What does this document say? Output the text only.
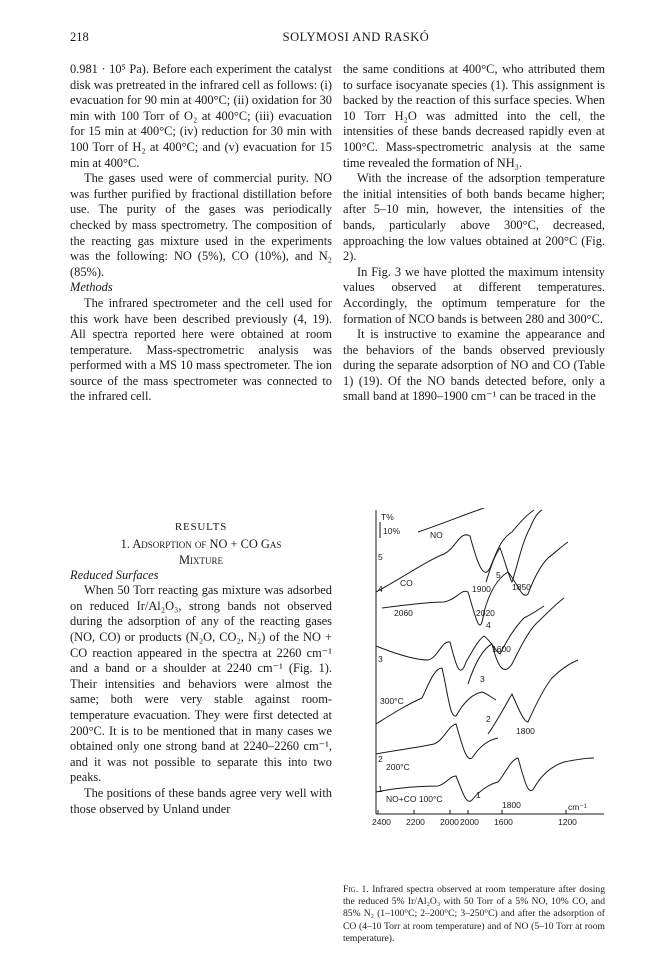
218	SOLYMOSI AND RASKÓ

0.981 · 10⁵ Pa). Before each experiment the catalyst disk was pretreated in the infrared cell as follows: (i) evacuation for 90 min at 400°C; (ii) oxidation for 30 min with 100 Torr of O₂ at 400°C; (iii) evacuation for 15 min at 400°C; (iv) reduction for 30 min with 100 Torr of H₂ at 400°C; and (v) evacuation for 15 min at 400°C.

The gases used were of commercial purity. NO was further purified by fractional distillation before use. The purity of the gases was periodically checked by mass spectrometry. The composition of the reacting gas mixture used in the experiments was the following: NO (5%), CO (10%), and N₂ (85%).

Methods

The infrared spectrometer and the cell used for this work have been described previously (4, 19). All spectra reported here were obtained at room temperature. Mass-spectrometric analysis was performed with a MS 10 mass spectrometer. The ion source of the mass spectrometer was connected to the infrared cell.

RESULTS

1. Adsorption of NO + CO Gas
Mixture

Reduced Surfaces

When 50 Torr reacting gas mixture was adsorbed on reduced Ir/Al₂O₃, strong bands not observed during the adsorption of any of the reacting gases (NO, CO) or products (N₂O, CO₂, N₂) of the NO + CO reaction appeared in the spectra at 2260 cm⁻¹ and a band or a shoulder at 2240 cm⁻¹ (Fig. 1). Their intensities and behaviors were almost the same; both were very stable against room-temperature evacuation. They were first detected at 200°C. It is to be mentioned that in many cases we obtained only one strong band at 2240–2260 cm⁻¹, and it was not possible to separate this into two peaks.

The positions of these bands agree very well with those observed by Unland under

the same conditions at 400°C, who attributed them to surface isocyanate species (1). This assignment is backed by the reaction of this surface species. When 10 Torr H₂O was admitted into the cell, the intensities of these bands decreased rapidly even at 100°C. Mass-spectrometric analysis at the same time revealed the formation of NH₃.

With the increase of the adsorption temperature the initial intensities of both bands became higher; after 5–10 min, however, the intensities of the bands, particularly above 300°C, decreased, approaching the low values obtained at 200°C (Fig. 2).

In Fig. 3 we have plotted the maximum intensity values observed at different temperatures. Accordingly, the optimum temperature for the formation of NCO bands is between 280 and 300°C.

It is instructive to examine the appearance and the behaviors of the bands observed previously during the separate adsorption of NO and CO (Table 1) (19). Of the NO bands detected before, only a small band at 1890–1900 cm⁻¹ can be traced in the

T%
10%	NO
5
4
CO
5
1900 1850
2060	2020
4
3
1600
3
300°C
2
1800
2
200°C
1
NO+CO 100°C	1
1800	cm⁻¹
2400 2200 2000 2000 1600	1200
Fig. 1. Infrared spectra observed at room temperature after dosing the reduced 5% Ir/Al₂O₃ with 50 Torr of a 5% NO, 10% CO, and 85% N₂ (1–100°C; 2–200°C; 3–250°C) and after the adsorption of CO (4–10 Torr at room temperature) and of NO (5–10 Torr at room temperature).
